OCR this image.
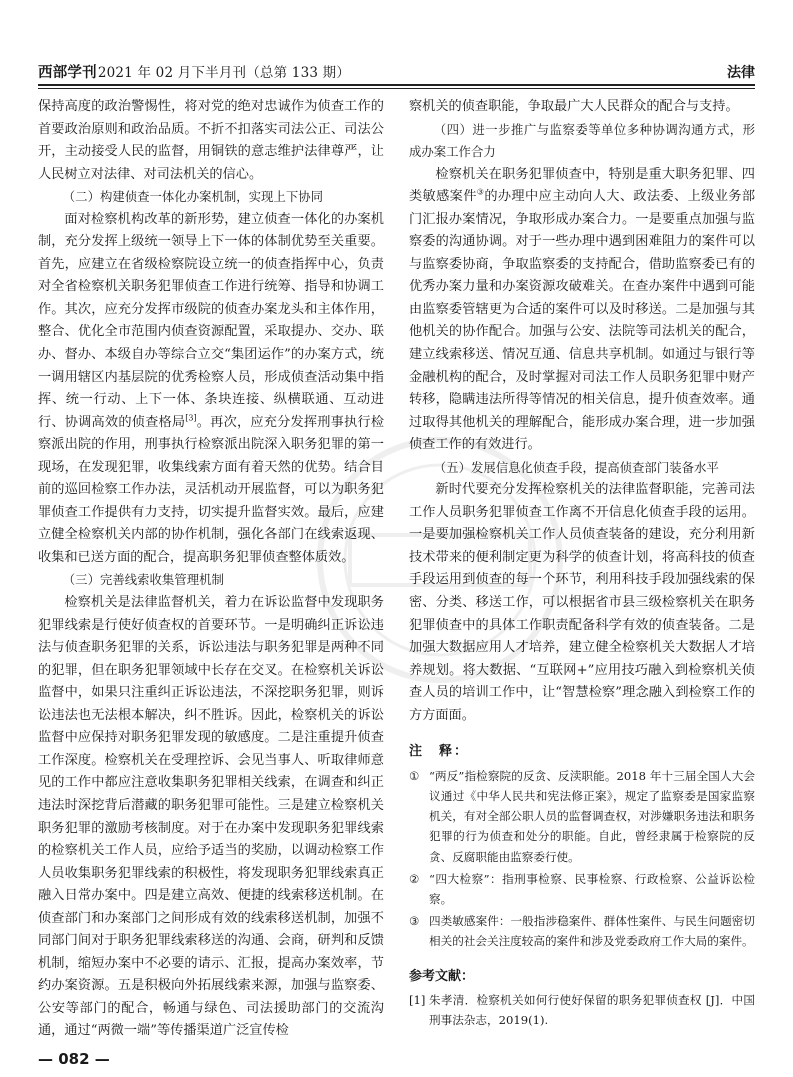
西部学刊2021 年 02 月下半月刊（总第 133 期）	法律

保持高度的政治警惕性，将对党的绝对忠诚作为侦查工作的首要政治原则和政治品质。不折不扣落实司法公正、司法公开，主动接受人民的监督，用铜铁的意志维护法律尊严，让人民树立对法律、对司法机关的信心。

（二）构建侦查一体化办案机制，实现上下协同

面对检察机构改革的新形势，建立侦查一体化的办案机制，充分发挥上级统一领导上下一体的体制优势至关重要。首先，应建立在省级检察院设立统一的侦查指挥中心，负责对全省检察机关职务犯罪侦查工作进行统筹、指导和协调工作。其次，应充分发挥市级院的侦查办案龙头和主体作用，整合、优化全市范围内侦查资源配置，采取提办、交办、联办、督办、本级自办等综合立交“集团运作”的办案方式，统一调用辖区内基层院的优秀检察人员，形成侦查活动集中指挥、统一行动、上下一体、条块连接、纵横联通、互动进行、协调高效的侦查格局[3]。再次，应充分发挥刑事执行检察派出院的作用，刑事执行检察派出院深入职务犯罪的第一现场，在发现犯罪，收集线索方面有着天然的优势。结合目前的巡回检察工作办法，灵活机动开展监督，可以为职务犯罪侦查工作提供有力支持，切实提升监督实效。最后，应建立健全检察机关内部的协作机制，强化各部门在线索返现、收集和已送方面的配合，提高职务犯罪侦查整体质效。

（三）完善线索收集管理机制

检察机关是法律监督机关，着力在诉讼监督中发现职务犯罪线索是行使好侦查权的首要环节。一是明确纠正诉讼违法与侦查职务犯罪的关系，诉讼违法与职务犯罪是两种不同的犯罪，但在职务犯罪领域中长存在交叉。在检察机关诉讼监督中，如果只注重纠正诉讼违法，不深挖职务犯罪，则诉讼违法也无法根本解决，纠不胜诉。因此，检察机关的诉讼监督中应保持对职务犯罪发现的敏感度。二是注重提升侦查工作深度。检察机关在受理控诉、会见当事人、听取律师意见的工作中都应注意收集职务犯罪相关线索，在调查和纠正违法时深挖背后潜藏的职务犯罪可能性。三是建立检察机关职务犯罪的激励考核制度。对于在办案中发现职务犯罪线索的检察机关工作人员，应给予适当的奖励，以调动检察工作人员收集职务犯罪线索的积极性，将发现职务犯罪线索真正融入日常办案中。四是建立高效、便捷的线索移送机制。在侦查部门和办案部门之间形成有效的线索移送机制，加强不同部门间对于职务犯罪线索移送的沟通、会商，研判和反馈机制，缩短办案中不必要的请示、汇报，提高办案效率，节约办案资源。五是积极向外拓展线索来源，加强与监察委、公安等部门的配合，畅通与绿色、司法援助部门的交流沟通，通过“两微一端”等传播渠道广泛宣传检

察机关的侦查职能，争取最广大人民群众的配合与支持。

（四）进一步推广与监察委等单位多种协调沟通方式，形成办案工作合力

检察机关在职务犯罪侦查中，特别是重大职务犯罪、四类敏感案件③的办理中应主动向人大、政法委、上级业务部门汇报办案情况，争取形成办案合力。一是要重点加强与监察委的沟通协调。对于一些办理中遇到困难阻力的案件可以与监察委协商，争取监察委的支持配合，借助监察委已有的优秀办案力量和办案资源攻破难关。在查办案件中遇到可能由监察委管辖更为合适的案件可以及时移送。二是加强与其他机关的协作配合。加强与公安、法院等司法机关的配合，建立线索移送、情况互通、信息共享机制。如通过与银行等金融机构的配合，及时掌握对司法工作人员职务犯罪中财产转移，隐瞒违法所得等情况的相关信息，提升侦查效率。通过取得其他机关的理解配合，能形成办案合理，进一步加强侦查工作的有效进行。

（五）发展信息化侦查手段，提高侦查部门装备水平

新时代要充分发挥检察机关的法律监督职能，完善司法工作人员职务犯罪侦查工作离不开信息化侦查手段的运用。一是要加强检察机关工作人员侦查装备的建设，充分利用新技术带来的便利制定更为科学的侦查计划，将高科技的侦查手段运用到侦查的每一个环节，利用科技手段加强线索的保密、分类、移送工作，可以根据省市县三级检察机关在职务犯罪侦查中的具体工作职责配备科学有效的侦查装备。二是加强大数据应用人才培养，建立健全检察机关大数据人才培养规划。将大数据、“互联网+”应用技巧融入到检察机关侦查人员的培训工作中，让“智慧检察”理念融入到检察工作的方方面面。

注　释：
① “两反”指检察院的反贪、反渎职能。2018 年十三届全国人大会议通过《中华人民共和宪法修正案》，规定了监察委是国家监察机关，有对全部公职人员的监督调查权，对涉嫌职务违法和职务犯罪的行为侦查和处分的职能。自此，曾经隶属于检察院的反贪、反腐职能由监察委行使。
② “四大检察”：指刑事检察、民事检察、行政检察、公益诉讼检察。
③ 四类敏感案件：一般指涉稳案件、群体性案件、与民生问题密切相关的社会关注度较高的案件和涉及党委政府工作大局的案件。
参考文献：
[1] 朱孝清．检察机关如何行使好保留的职务犯罪侦查权 [J]．中国刑事法杂志，2019(1).
— 082 —
